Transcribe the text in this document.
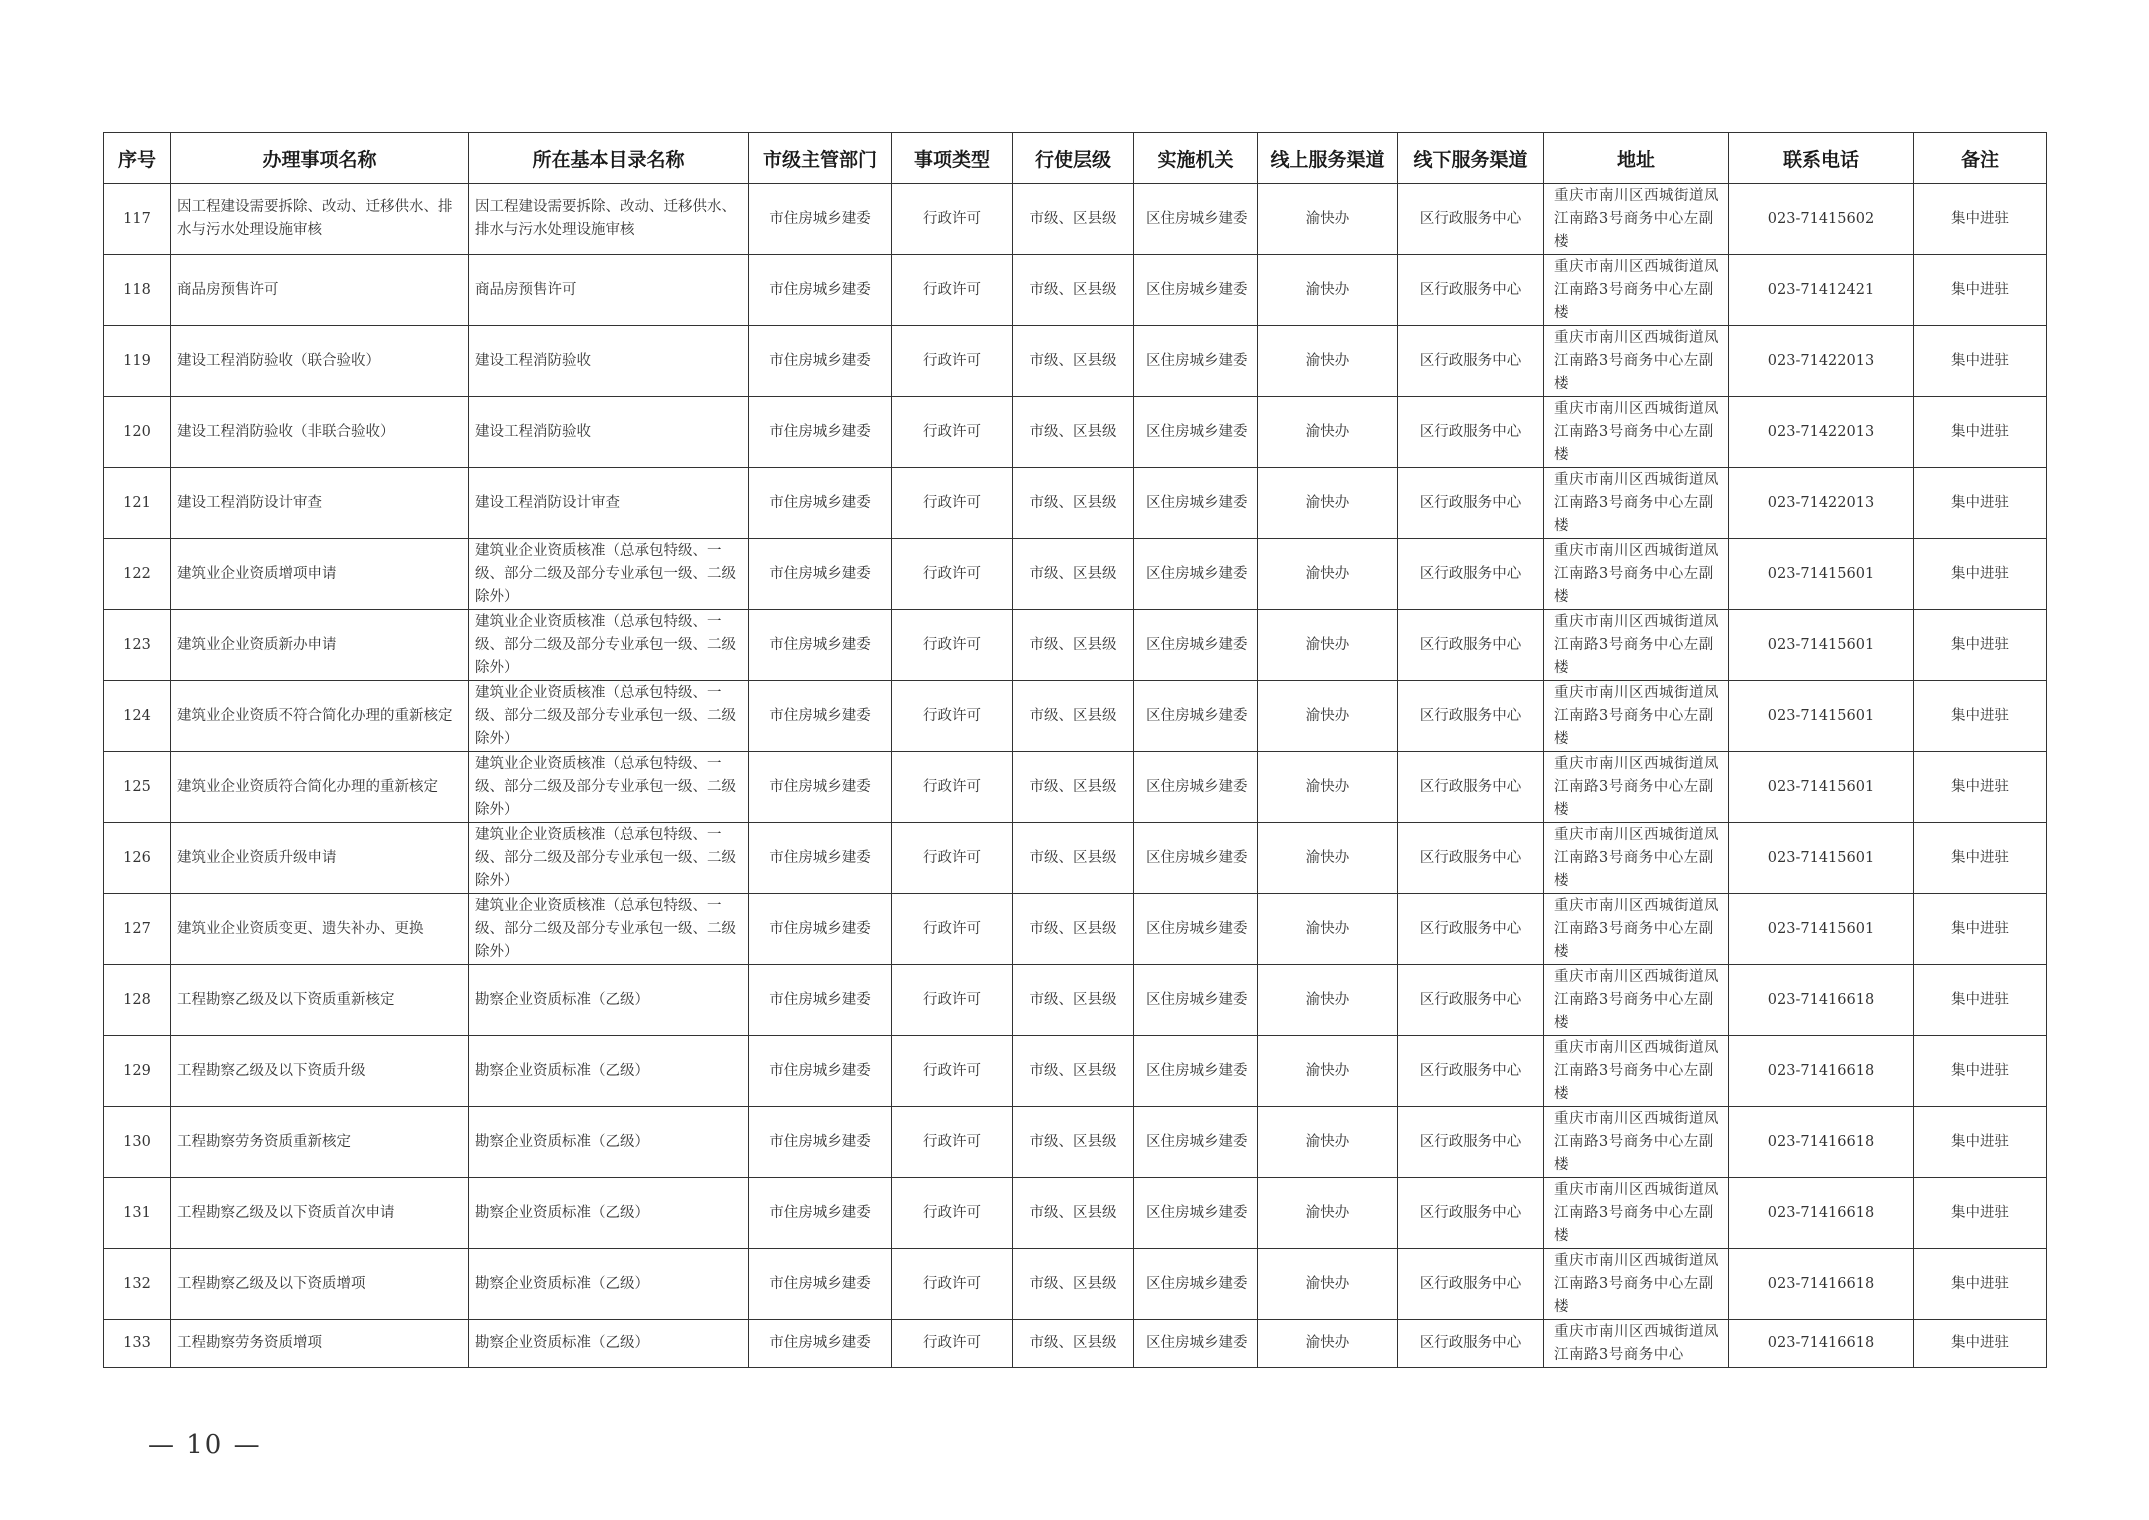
序号	办理事项名称	所在基本目录名称	市级主管部门	事项类型	行使层级	实施机关	线上服务渠道	线下服务渠道	地址	联系电话	备注
117	因工程建设需要拆除、改动、迁移供水、排水与污水处理设施审核	因工程建设需要拆除、改动、迁移供水、排水与污水处理设施审核	市住房城乡建委	行政许可	市级、区县级	区住房城乡建委	渝快办	区行政服务中心	重庆市南川区西城街道凤江南路3号商务中心左副楼	023-71415602	集中进驻
118	商品房预售许可	商品房预售许可	市住房城乡建委	行政许可	市级、区县级	区住房城乡建委	渝快办	区行政服务中心	重庆市南川区西城街道凤江南路3号商务中心左副楼	023-71412421	集中进驻
119	建设工程消防验收（联合验收）	建设工程消防验收	市住房城乡建委	行政许可	市级、区县级	区住房城乡建委	渝快办	区行政服务中心	重庆市南川区西城街道凤江南路3号商务中心左副楼	023-71422013	集中进驻
120	建设工程消防验收（非联合验收）	建设工程消防验收	市住房城乡建委	行政许可	市级、区县级	区住房城乡建委	渝快办	区行政服务中心	重庆市南川区西城街道凤江南路3号商务中心左副楼	023-71422013	集中进驻
121	建设工程消防设计审查	建设工程消防设计审查	市住房城乡建委	行政许可	市级、区县级	区住房城乡建委	渝快办	区行政服务中心	重庆市南川区西城街道凤江南路3号商务中心左副楼	023-71422013	集中进驻
122	建筑业企业资质增项申请	建筑业企业资质核准（总承包特级、一级、部分二级及部分专业承包一级、二级除外）	市住房城乡建委	行政许可	市级、区县级	区住房城乡建委	渝快办	区行政服务中心	重庆市南川区西城街道凤江南路3号商务中心左副楼	023-71415601	集中进驻
123	建筑业企业资质新办申请	建筑业企业资质核准（总承包特级、一级、部分二级及部分专业承包一级、二级除外）	市住房城乡建委	行政许可	市级、区县级	区住房城乡建委	渝快办	区行政服务中心	重庆市南川区西城街道凤江南路3号商务中心左副楼	023-71415601	集中进驻
124	建筑业企业资质不符合简化办理的重新核定	建筑业企业资质核准（总承包特级、一级、部分二级及部分专业承包一级、二级除外）	市住房城乡建委	行政许可	市级、区县级	区住房城乡建委	渝快办	区行政服务中心	重庆市南川区西城街道凤江南路3号商务中心左副楼	023-71415601	集中进驻
125	建筑业企业资质符合简化办理的重新核定	建筑业企业资质核准（总承包特级、一级、部分二级及部分专业承包一级、二级除外）	市住房城乡建委	行政许可	市级、区县级	区住房城乡建委	渝快办	区行政服务中心	重庆市南川区西城街道凤江南路3号商务中心左副楼	023-71415601	集中进驻
126	建筑业企业资质升级申请	建筑业企业资质核准（总承包特级、一级、部分二级及部分专业承包一级、二级除外）	市住房城乡建委	行政许可	市级、区县级	区住房城乡建委	渝快办	区行政服务中心	重庆市南川区西城街道凤江南路3号商务中心左副楼	023-71415601	集中进驻
127	建筑业企业资质变更、遗失补办、更换	建筑业企业资质核准（总承包特级、一级、部分二级及部分专业承包一级、二级除外）	市住房城乡建委	行政许可	市级、区县级	区住房城乡建委	渝快办	区行政服务中心	重庆市南川区西城街道凤江南路3号商务中心左副楼	023-71415601	集中进驻
128	工程勘察乙级及以下资质重新核定	勘察企业资质标准（乙级）	市住房城乡建委	行政许可	市级、区县级	区住房城乡建委	渝快办	区行政服务中心	重庆市南川区西城街道凤江南路3号商务中心左副楼	023-71416618	集中进驻
129	工程勘察乙级及以下资质升级	勘察企业资质标准（乙级）	市住房城乡建委	行政许可	市级、区县级	区住房城乡建委	渝快办	区行政服务中心	重庆市南川区西城街道凤江南路3号商务中心左副楼	023-71416618	集中进驻
130	工程勘察劳务资质重新核定	勘察企业资质标准（乙级）	市住房城乡建委	行政许可	市级、区县级	区住房城乡建委	渝快办	区行政服务中心	重庆市南川区西城街道凤江南路3号商务中心左副楼	023-71416618	集中进驻
131	工程勘察乙级及以下资质首次申请	勘察企业资质标准（乙级）	市住房城乡建委	行政许可	市级、区县级	区住房城乡建委	渝快办	区行政服务中心	重庆市南川区西城街道凤江南路3号商务中心左副楼	023-71416618	集中进驻
132	工程勘察乙级及以下资质增项	勘察企业资质标准（乙级）	市住房城乡建委	行政许可	市级、区县级	区住房城乡建委	渝快办	区行政服务中心	重庆市南川区西城街道凤江南路3号商务中心左副楼	023-71416618	集中进驻
133	工程勘察劳务资质增项	勘察企业资质标准（乙级）	市住房城乡建委	行政许可	市级、区县级	区住房城乡建委	渝快办	区行政服务中心	重庆市南川区西城街道凤江南路3号商务中心	023-71416618	集中进驻
— 10 —
